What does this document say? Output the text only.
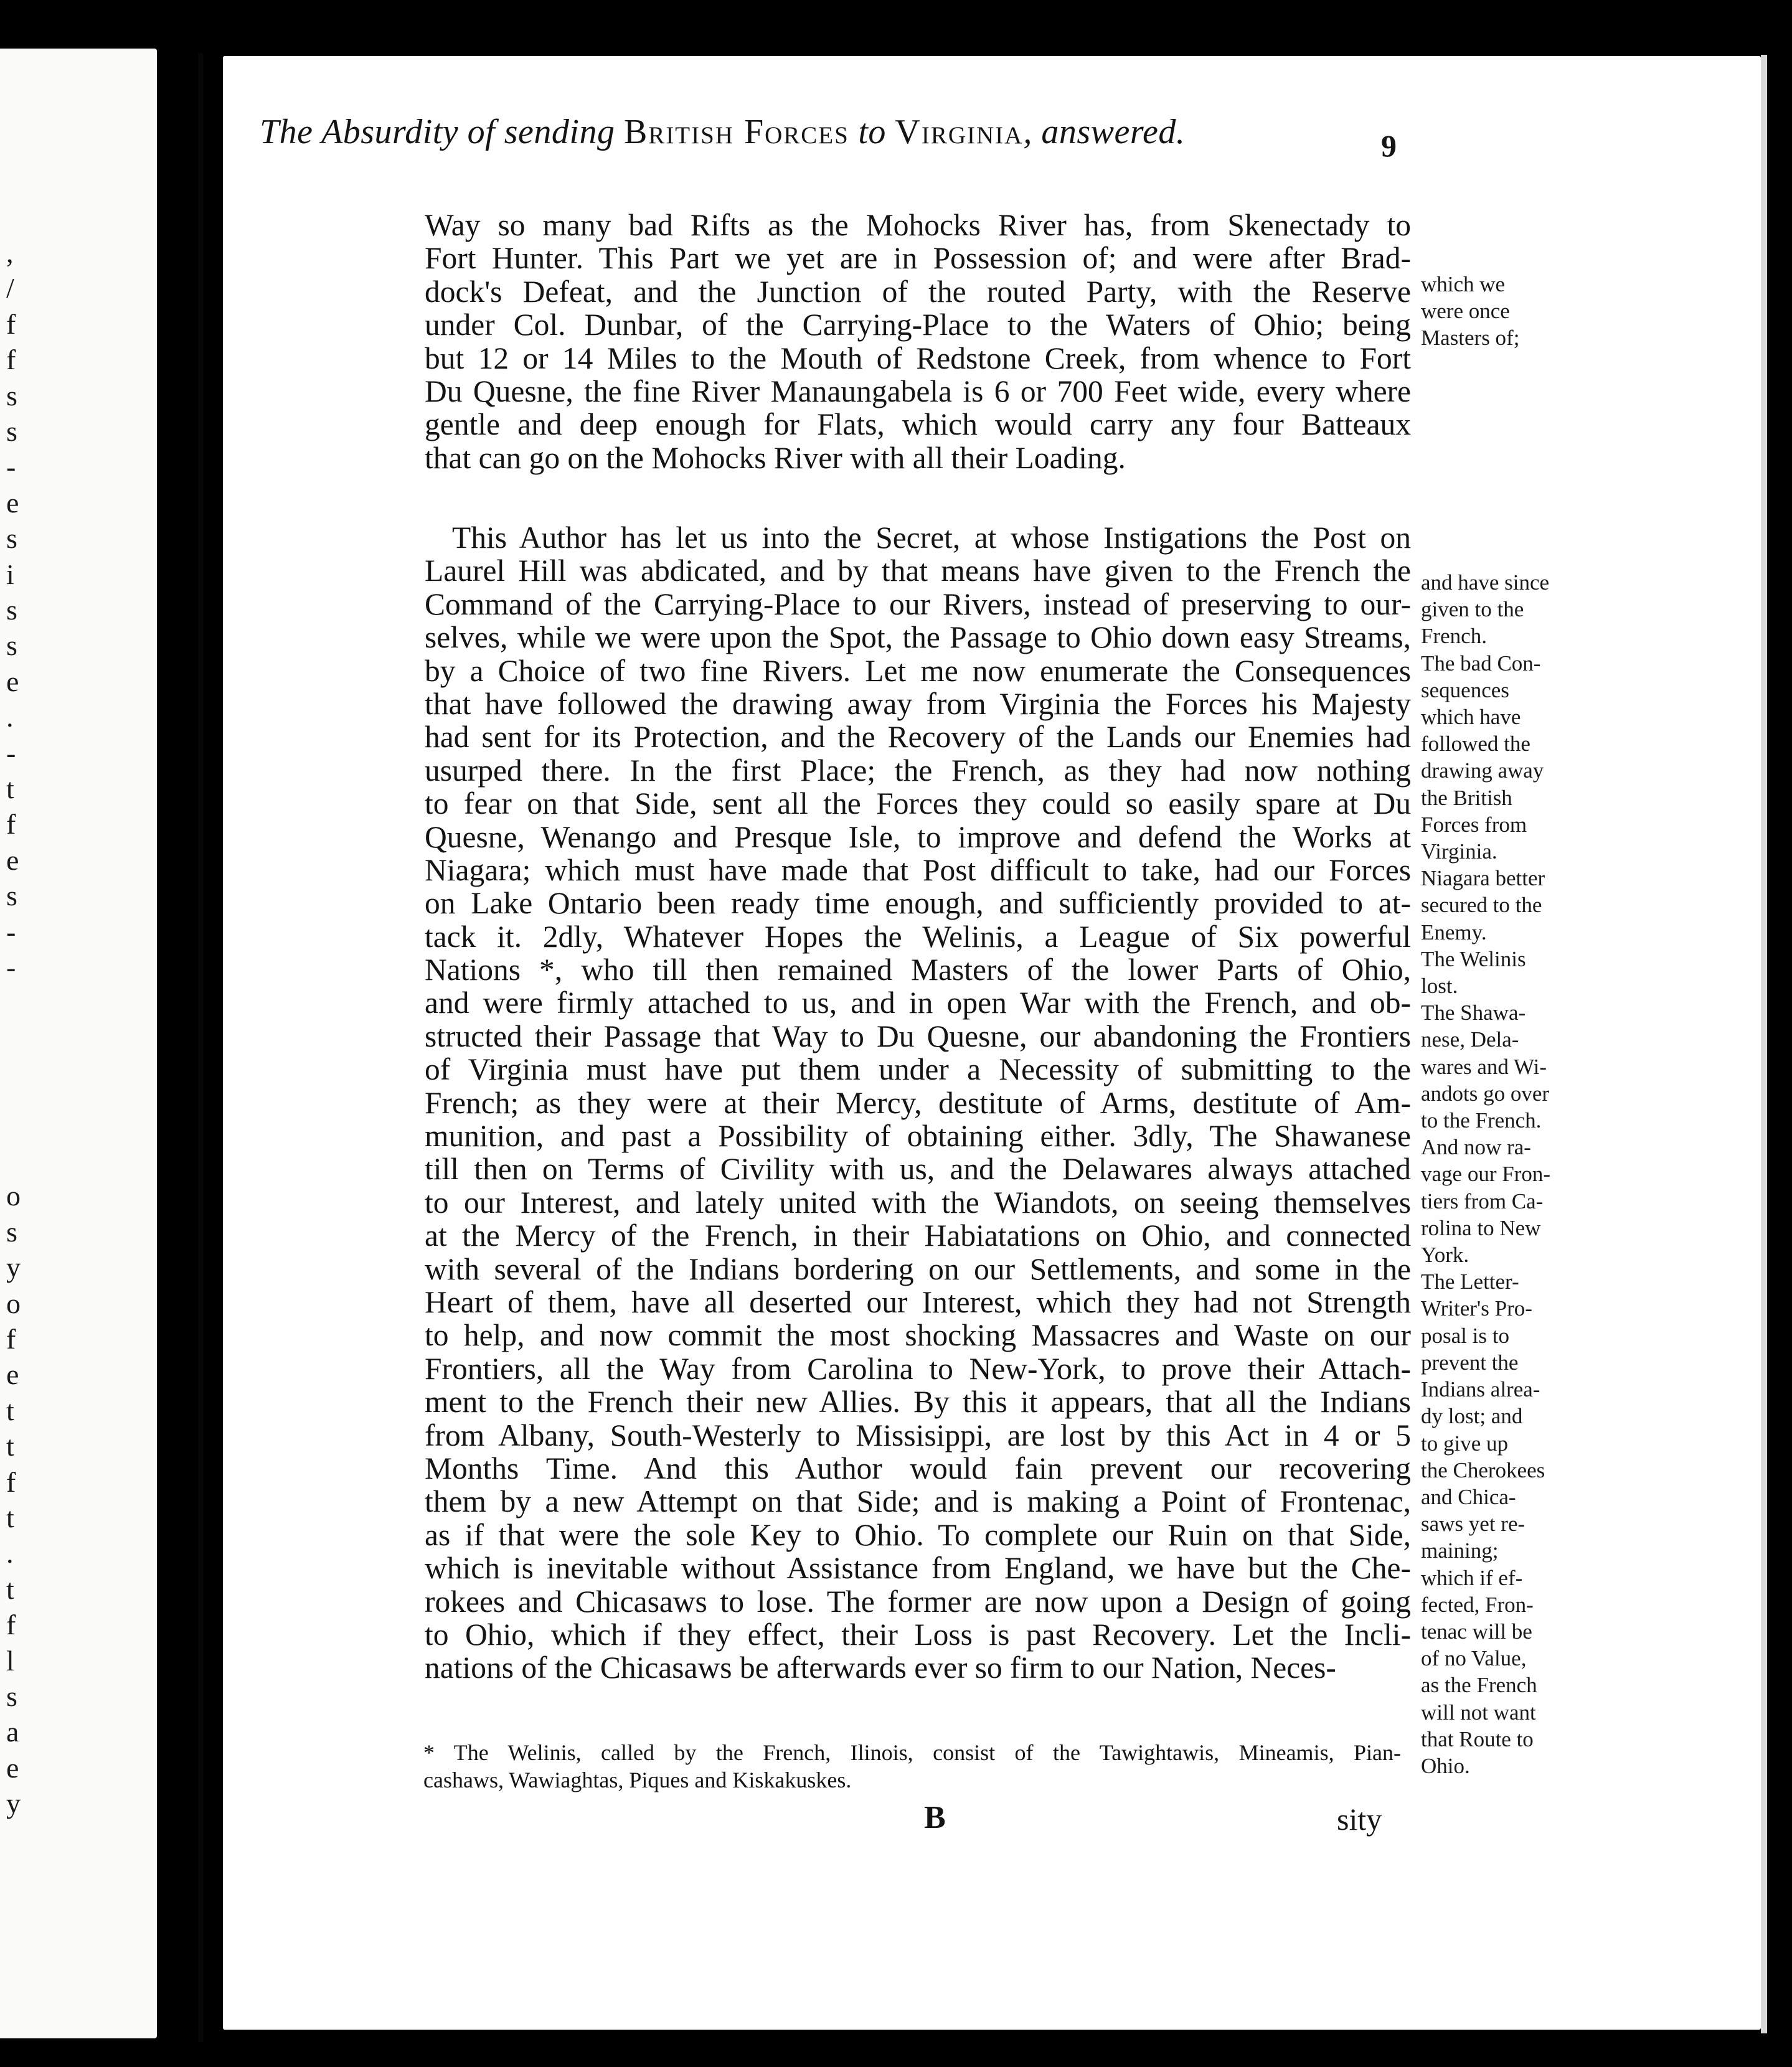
,
/
f
f
s
s
-
e
s
i
s
s
e
.
-
t
f
e
s
-
-
o
s
y
o
f
e
t
t
f
t
.
t
f
l
s
a
e
y
The Absurdity of sending British Forces to Virginia, answered.	9
Way so many bad Rifts as the Mohocks River has, from Skenectady to
Fort Hunter. This Part we yet are in Possession of; and were after Brad-
dock's Defeat, and the Junction of the routed Party, with the Reserve
under Col. Dunbar, of the Carrying-Place to the Waters of Ohio; being
but 12 or 14 Miles to the Mouth of Redstone Creek, from whence to Fort
Du Quesne, the fine River Manaungabela is 6 or 700 Feet wide, every where
gentle and deep enough for Flats, which would carry any four Batteaux
that can go on the Mohocks River with all their Loading.
This Author has let us into the Secret, at whose Instigations the Post on
Laurel Hill was abdicated, and by that means have given to the French the
Command of the Carrying-Place to our Rivers, instead of preserving to our-
selves, while we were upon the Spot, the Passage to Ohio down easy Streams,
by a Choice of two fine Rivers. Let me now enumerate the Consequences
that have followed the drawing away from Virginia the Forces his Majesty
had sent for its Protection, and the Recovery of the Lands our Enemies had
usurped there. In the first Place; the French, as they had now nothing
to fear on that Side, sent all the Forces they could so easily spare at Du
Quesne, Wenango and Presque Isle, to improve and defend the Works at
Niagara; which must have made that Post difficult to take, had our Forces
on Lake Ontario been ready time enough, and sufficiently provided to at-
tack it. 2dly, Whatever Hopes the Welinis, a League of Six powerful
Nations *, who till then remained Masters of the lower Parts of Ohio,
and were firmly attached to us, and in open War with the French, and ob-
structed their Passage that Way to Du Quesne, our abandoning the Frontiers
of Virginia must have put them under a Necessity of submitting to the
French; as they were at their Mercy, destitute of Arms, destitute of Am-
munition, and past a Possibility of obtaining either. 3dly, The Shawanese
till then on Terms of Civility with us, and the Delawares always attached
to our Interest, and lately united with the Wiandots, on seeing themselves
at the Mercy of the French, in their Habiatations on Ohio, and connected
with several of the Indians bordering on our Settlements, and some in the
Heart of them, have all deserted our Interest, which they had not Strength
to help, and now commit the most shocking Massacres and Waste on our
Frontiers, all the Way from Carolina to New-York, to prove their Attach-
ment to the French their new Allies. By this it appears, that all the Indians
from Albany, South-Westerly to Missisippi, are lost by this Act in 4 or 5
Months Time. And this Author would fain prevent our recovering
them by a new Attempt on that Side; and is making a Point of Frontenac,
as if that were the sole Key to Ohio. To complete our Ruin on that Side,
which is inevitable without Assistance from England, we have but the Che-
rokees and Chicasaws to lose. The former are now upon a Design of going
to Ohio, which if they effect, their Loss is past Recovery. Let the Incli-
nations of the Chicasaws be afterwards ever so firm to our Nation, Neces-
which we
were once
Masters of;
and have since
given to the
French.
The bad Con-
sequences
which have
followed the
drawing away
the British
Forces from
Virginia.
Niagara better
secured to the
Enemy.
The Welinis
lost.
The Shawa-
nese, Dela-
wares and Wi-
andots go over
to the French.
And now ra-
vage our Fron-
tiers from Ca-
rolina to New
York.
The Letter-
Writer's Pro-
posal is to
prevent the
Indians alrea-
dy lost; and
to give up
the Cherokees
and Chica-
saws yet re-
maining;
which if ef-
fected, Fron-
tenac will be
of no Value,
as the French
will not want
that Route to
Ohio.
* The Welinis, called by the French, Ilinois, consist of the Tawightawis, Mineamis, Pian-
cashaws, Wawiaghtas, Piques and Kiskakuskes.
B	sity
